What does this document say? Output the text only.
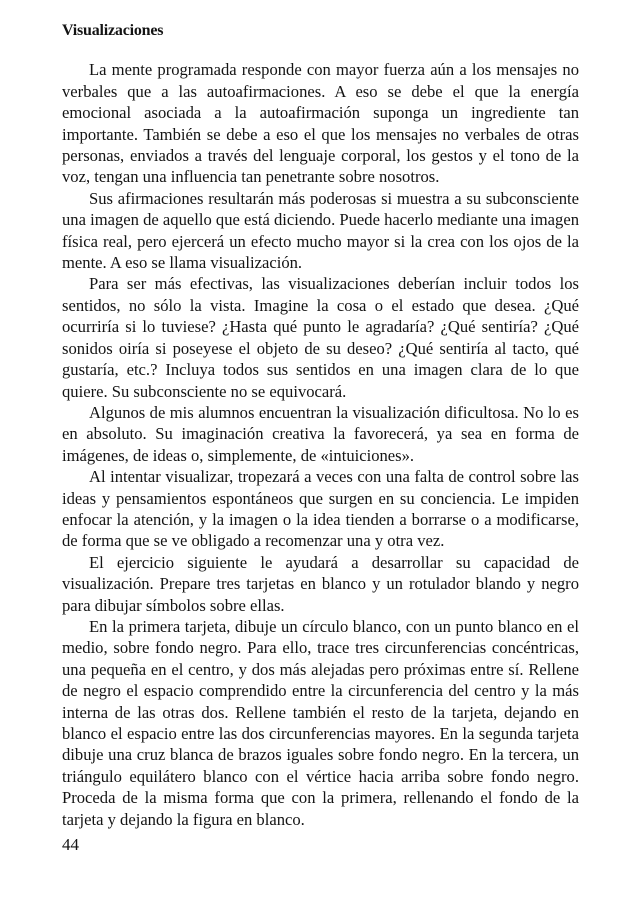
Visualizaciones

La mente programada responde con mayor fuerza aún a los mensajes no verbales que a las autoafirmaciones. A eso se debe el que la energía emocional asociada a la autoafirmación suponga un ingrediente tan importante. También se debe a eso el que los mensajes no verbales de otras personas, enviados a través del lenguaje corporal, los gestos y el tono de la voz, tengan una influencia tan penetrante sobre nosotros.

Sus afirmaciones resultarán más poderosas si muestra a su subconsciente una imagen de aquello que está diciendo. Puede hacerlo mediante una imagen física real, pero ejercerá un efecto mucho mayor si la crea con los ojos de la mente. A eso se llama visualización.

Para ser más efectivas, las visualizaciones deberían incluir todos los sentidos, no sólo la vista. Imagine la cosa o el estado que desea. ¿Qué ocurriría si lo tuviese? ¿Hasta qué punto le agradaría? ¿Qué sentiría? ¿Qué sonidos oiría si poseyese el objeto de su deseo? ¿Qué sentiría al tacto, qué gustaría, etc.? Incluya todos sus sentidos en una imagen clara de lo que quiere. Su subconsciente no se equivocará.

Algunos de mis alumnos encuentran la visualización dificultosa. No lo es en absoluto. Su imaginación creativa la favorecerá, ya sea en forma de imágenes, de ideas o, simplemente, de «intuiciones».

Al intentar visualizar, tropezará a veces con una falta de control sobre las ideas y pensamientos espontáneos que surgen en su conciencia. Le impiden enfocar la atención, y la imagen o la idea tienden a borrarse o a modificarse, de forma que se ve obligado a recomenzar una y otra vez.

El ejercicio siguiente le ayudará a desarrollar su capacidad de visualización. Prepare tres tarjetas en blanco y un rotulador blando y negro para dibujar símbolos sobre ellas.

En la primera tarjeta, dibuje un círculo blanco, con un punto blanco en el medio, sobre fondo negro. Para ello, trace tres circunferencias concéntricas, una pequeña en el centro, y dos más alejadas pero próximas entre sí. Rellene de negro el espacio comprendido entre la circunferencia del centro y la más interna de las otras dos. Rellene también el resto de la tarjeta, dejando en blanco el espacio entre las dos circunferencias mayores. En la segunda tarjeta dibuje una cruz blanca de brazos iguales sobre fondo negro. En la tercera, un triángulo equilátero blanco con el vértice hacia arriba sobre fondo negro. Proceda de la misma forma que con la primera, rellenando el fondo de la tarjeta y dejando la figura en blanco.

44
